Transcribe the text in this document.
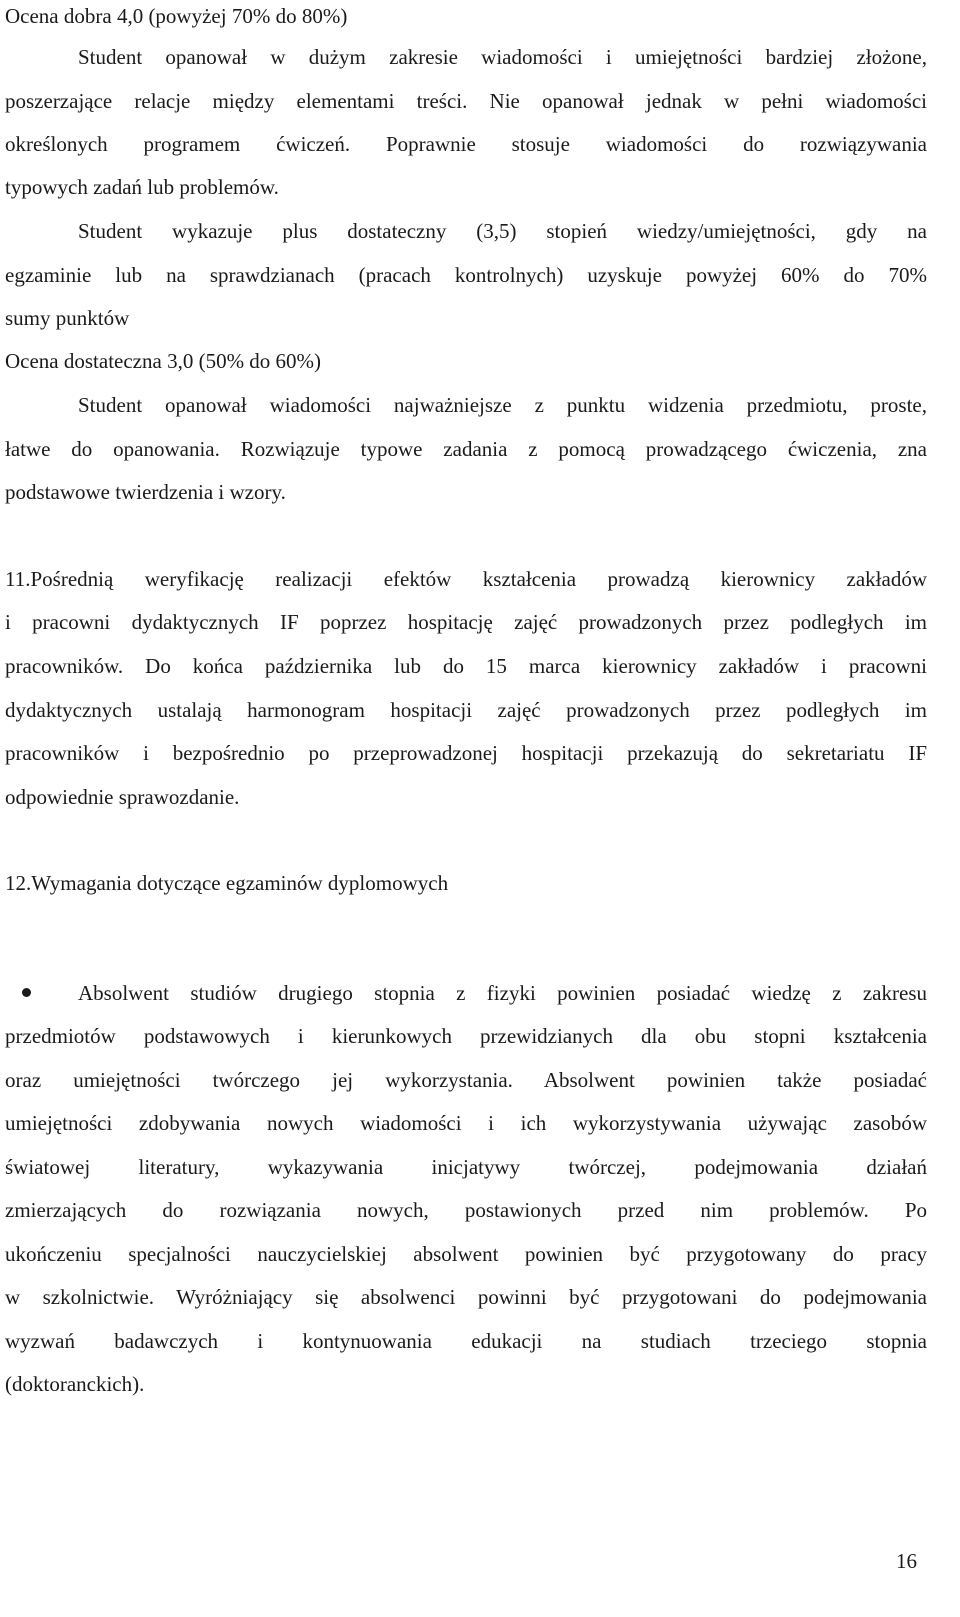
Ocena dobra 4,0 (powyżej 70% do 80%)
Student opanował w dużym zakresie wiadomości i umiejętności bardziej złożone,
poszerzające relacje między elementami treści. Nie opanował jednak w pełni wiadomości
określonych programem ćwiczeń. Poprawnie stosuje wiadomości do rozwiązywania
typowych zadań lub problemów.
Student wykazuje plus dostateczny (3,5) stopień wiedzy/umiejętności, gdy na
egzaminie lub na sprawdzianach (pracach kontrolnych) uzyskuje powyżej 60% do 70%
sumy punktów
Ocena dostateczna 3,0 (50% do 60%)
Student opanował wiadomości najważniejsze z punktu widzenia przedmiotu, proste,
łatwe do opanowania. Rozwiązuje typowe zadania z pomocą prowadzącego ćwiczenia, zna
podstawowe twierdzenia i wzory.
11.Pośrednią weryfikację realizacji efektów kształcenia prowadzą kierownicy zakładów
i pracowni dydaktycznych IF poprzez hospitację zajęć prowadzonych przez podległych im
pracowników. Do końca października lub do 15 marca kierownicy zakładów i pracowni
dydaktycznych ustalają harmonogram hospitacji zajęć prowadzonych przez podległych im
pracowników i bezpośrednio po przeprowadzonej hospitacji przekazują do sekretariatu IF
odpowiednie sprawozdanie.
12.Wymagania dotyczące egzaminów dyplomowych
Absolwent studiów drugiego stopnia z fizyki powinien posiadać wiedzę z zakresu
przedmiotów podstawowych i kierunkowych przewidzianych dla obu stopni kształcenia
oraz umiejętności twórczego jej wykorzystania. Absolwent powinien także posiadać
umiejętności zdobywania nowych wiadomości i ich wykorzystywania używając zasobów
światowej literatury, wykazywania inicjatywy twórczej, podejmowania działań
zmierzających do rozwiązania nowych, postawionych przed nim problemów. Po
ukończeniu specjalności nauczycielskiej absolwent powinien być przygotowany do pracy
w szkolnictwie. Wyróżniający się absolwenci powinni być przygotowani do podejmowania
wyzwań badawczych i kontynuowania edukacji na studiach trzeciego stopnia
(doktoranckich).
16
